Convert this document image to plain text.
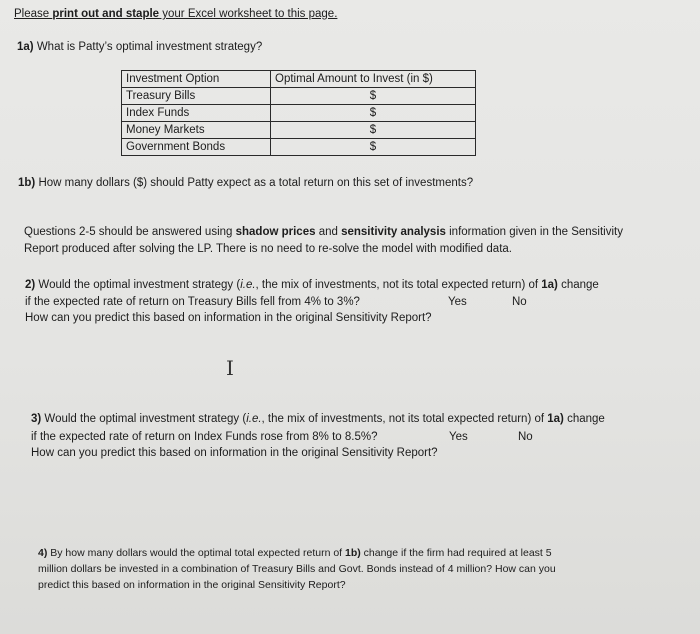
Please print out and staple your Excel worksheet to this page.
1a) What is Patty’s optimal investment strategy?
Investment Option	Optimal Amount to Invest (in $)
Treasury Bills	$
Index Funds	$
Money Markets	$
Government Bonds	$
1b) How many dollars ($) should Patty expect as a total return on this set of investments?
Questions 2-5 should be answered using shadow prices and sensitivity analysis information given in the Sensitivity
Report produced after solving the LP. There is no need to re-solve the model with modified data.
2) Would the optimal investment strategy (i.e., the mix of investments, not its total expected return) of 1a) change
if the expected rate of return on Treasury Bills fell from 4% to 3%?	Yes	No
How can you predict this based on information in the original Sensitivity Report?
I
3) Would the optimal investment strategy (i.e., the mix of investments, not its total expected return) of 1a) change
if the expected rate of return on Index Funds rose from 8% to 8.5%?	Yes	No
How can you predict this based on information in the original Sensitivity Report?
4) By how many dollars would the optimal total expected return of 1b) change if the firm had required at least 5
million dollars be invested in a combination of Treasury Bills and Govt. Bonds instead of 4 million? How can you
predict this based on information in the original Sensitivity Report?
